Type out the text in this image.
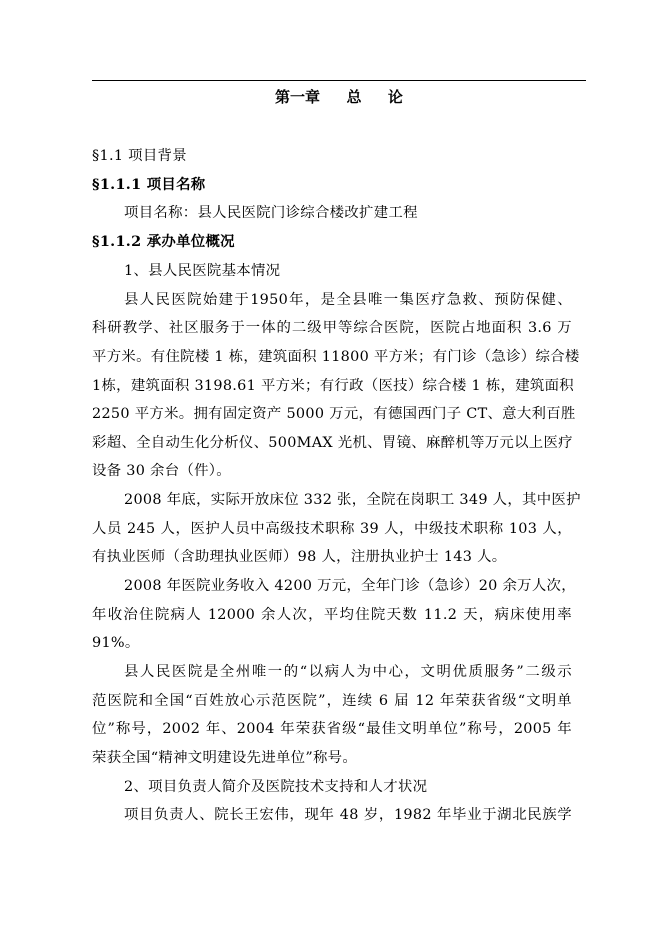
第一章  总  论
§1.1 项目背景
§1.1.1 项目名称
项目名称：县人民医院门诊综合楼改扩建工程
§1.1.2 承办单位概况
1、县人民医院基本情况
县人民医院始建于1950年，是全县唯一集医疗急救、预防保健、
科研教学、社区服务于一体的二级甲等综合医院，医院占地面积 3.6 万
平方米。有住院楼 1 栋，建筑面积 11800 平方米；有门诊（急诊）综合楼
1栋，建筑面积 3198.61 平方米；有行政（医技）综合楼 1 栋，建筑面积
2250 平方米。拥有固定资产 5000 万元，有德国西门子 CT、意大利百胜
彩超、全自动生化分析仪、500MAX 光机、胃镜、麻醉机等万元以上医疗
设备 30 余台（件）。
2008 年底，实际开放床位 332 张，全院在岗职工 349 人，其中医护
人员 245 人，医护人员中高级技术职称 39 人，中级技术职称 103 人，
有执业医师（含助理执业医师）98 人，注册执业护士 143 人。
2008 年医院业务收入 4200 万元，全年门诊（急诊）20 余万人次，
年收治住院病人 12000 余人次，平均住院天数 11.2 天，病床使用率
91%。
县人民医院是全州唯一的“以病人为中心，文明优质服务”二级示
范医院和全国“百姓放心示范医院”，连续 6 届 12 年荣获省级“文明单
位”称号，2002 年、2004 年荣获省级“最佳文明单位”称号，2005 年
荣获全国“精神文明建设先进单位”称号。
2、项目负责人简介及医院技术支持和人才状况
项目负责人、院长王宏伟，现年 48 岁，1982 年毕业于湖北民族学
